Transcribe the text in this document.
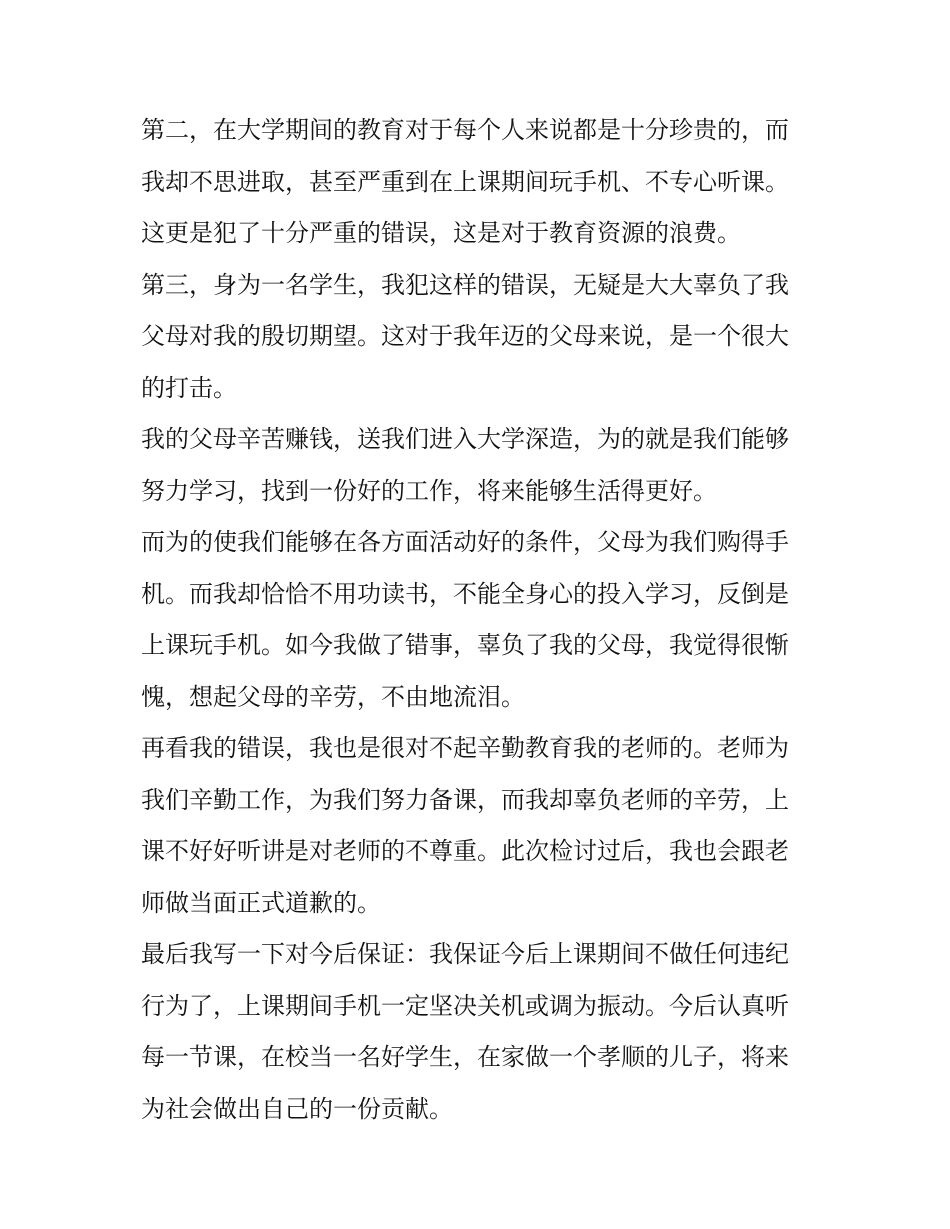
第二，在大学期间的教育对于每个人来说都是十分珍贵的，而
我却不思进取，甚至严重到在上课期间玩手机、不专心听课。
这更是犯了十分严重的错误，这是对于教育资源的浪费。
第三，身为一名学生，我犯这样的错误，无疑是大大辜负了我
父母对我的殷切期望。这对于我年迈的父母来说，是一个很大
的打击。
我的父母辛苦赚钱，送我们进入大学深造，为的就是我们能够
努力学习，找到一份好的工作，将来能够生活得更好。
而为的使我们能够在各方面活动好的条件，父母为我们购得手
机。而我却恰恰不用功读书，不能全身心的投入学习，反倒是
上课玩手机。如今我做了错事，辜负了我的父母，我觉得很惭
愧，想起父母的辛劳，不由地流泪。
再看我的错误，我也是很对不起辛勤教育我的老师的。老师为
我们辛勤工作，为我们努力备课，而我却辜负老师的辛劳，上
课不好好听讲是对老师的不尊重。此次检讨过后，我也会跟老
师做当面正式道歉的。
最后我写一下对今后保证：我保证今后上课期间不做任何违纪
行为了，上课期间手机一定坚决关机或调为振动。今后认真听
每一节课，在校当一名好学生，在家做一个孝顺的儿子，将来
为社会做出自己的一份贡献。
